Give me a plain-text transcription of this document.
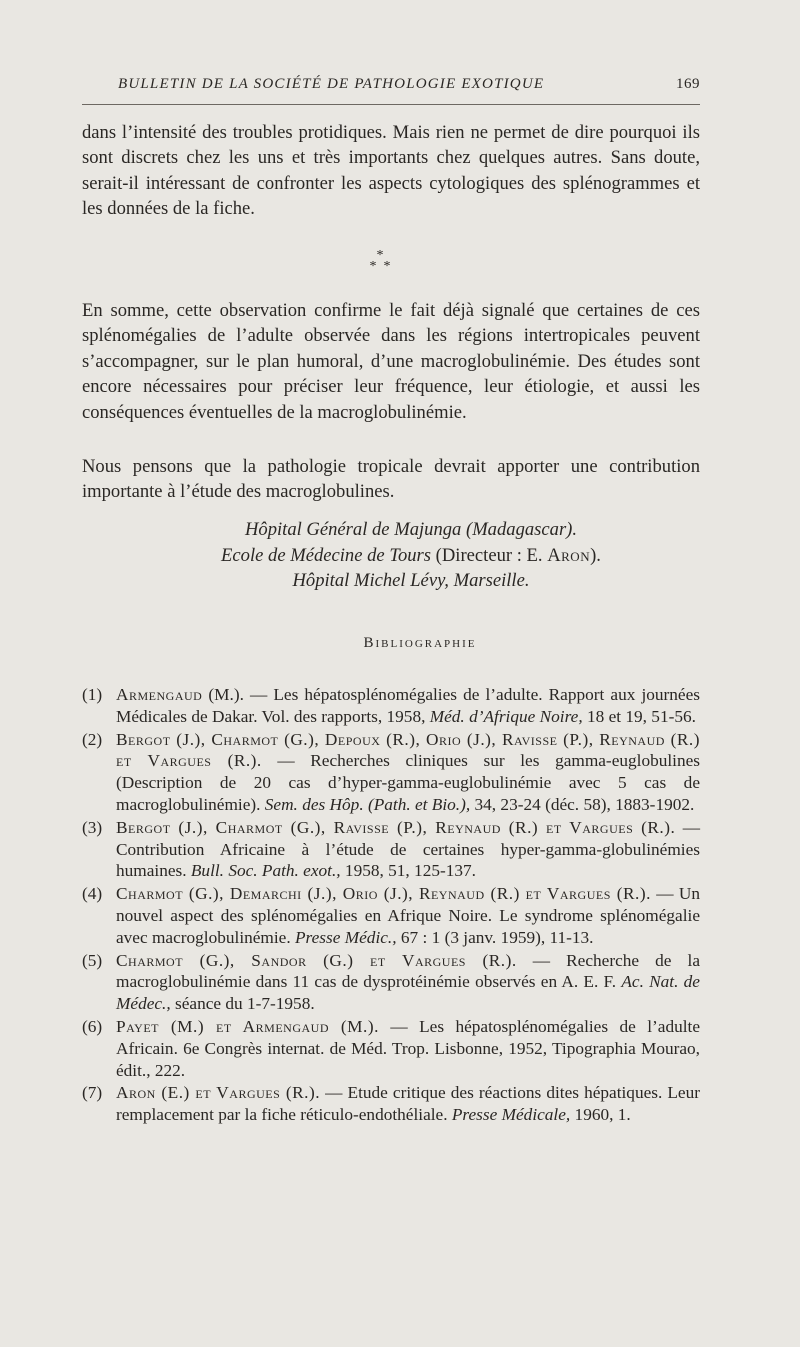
BULLETIN DE LA SOCIÉTÉ DE PATHOLOGIE EXOTIQUE	169

dans l’intensité des troubles protidiques. Mais rien ne permet de dire pourquoi ils sont discrets chez les uns et très importants chez quelques autres. Sans doute, serait-il intéressant de confronter les aspects cytologiques des splénogrammes et les données de la fiche.

*
*  *

En somme, cette observation confirme le fait déjà signalé que certaines de ces splénomégalies de l’adulte observée dans les régions intertropicales peuvent s’accompagner, sur le plan humoral, d’une macroglobulinémie. Des études sont encore nécessaires pour préciser leur fréquence, leur étiologie, et aussi les conséquences éventuelles de la macroglobulinémie.

Nous pensons que la pathologie tropicale devrait apporter une contribution importante à l’étude des macroglobulines.

Hôpital Général de Majunga (Madagascar).
Ecole de Médecine de Tours (Directeur : E. Aron).
Hôpital Michel Lévy, Marseille.
Bibliographie
(1) Armengaud (M.). — Les hépatosplénomégalies de l’adulte. Rapport aux journées Médicales de Dakar. Vol. des rapports, 1958, Méd. d’Afrique Noire, 18 et 19, 51-56.
(2) Bergot (J.), Charmot (G.), Depoux (R.), Orio (J.), Ravisse (P.), Reynaud (R.) et Vargues (R.). — Recherches cliniques sur les gamma-euglobulines (Description de 20 cas d’hyper-gamma-euglobulinémie avec 5 cas de macroglobulinémie). Sem. des Hôp. (Path. et Bio.), 34, 23-24 (déc. 58), 1883-1902.
(3) Bergot (J.), Charmot (G.), Ravisse (P.), Reynaud (R.) et Vargues (R.). — Contribution Africaine à l’étude de certaines hyper-gamma-globulinémies humaines. Bull. Soc. Path. exot., 1958, 51, 125-137.
(4) Charmot (G.), Demarchi (J.), Orio (J.), Reynaud (R.) et Vargues (R.). — Un nouvel aspect des splénomégalies en Afrique Noire. Le syndrome splénomégalie avec macroglobulinémie. Presse Médic., 67 : 1 (3 janv. 1959), 11-13.
(5) Charmot (G.), Sandor (G.) et Vargues (R.). — Recherche de la macroglobulinémie dans 11 cas de dysprotéinémie observés en A. E. F. Ac. Nat. de Médec., séance du 1-7-1958.
(6) Payet (M.) et Armengaud (M.). — Les hépatosplénomégalies de l’adulte Africain. 6e Congrès internat. de Méd. Trop. Lisbonne, 1952, Tipographia Mourao, édit., 222.
(7) Aron (E.) et Vargues (R.). — Etude critique des réactions dites hépatiques. Leur remplacement par la fiche réticulo-endothéliale. Presse Médicale, 1960, 1.
